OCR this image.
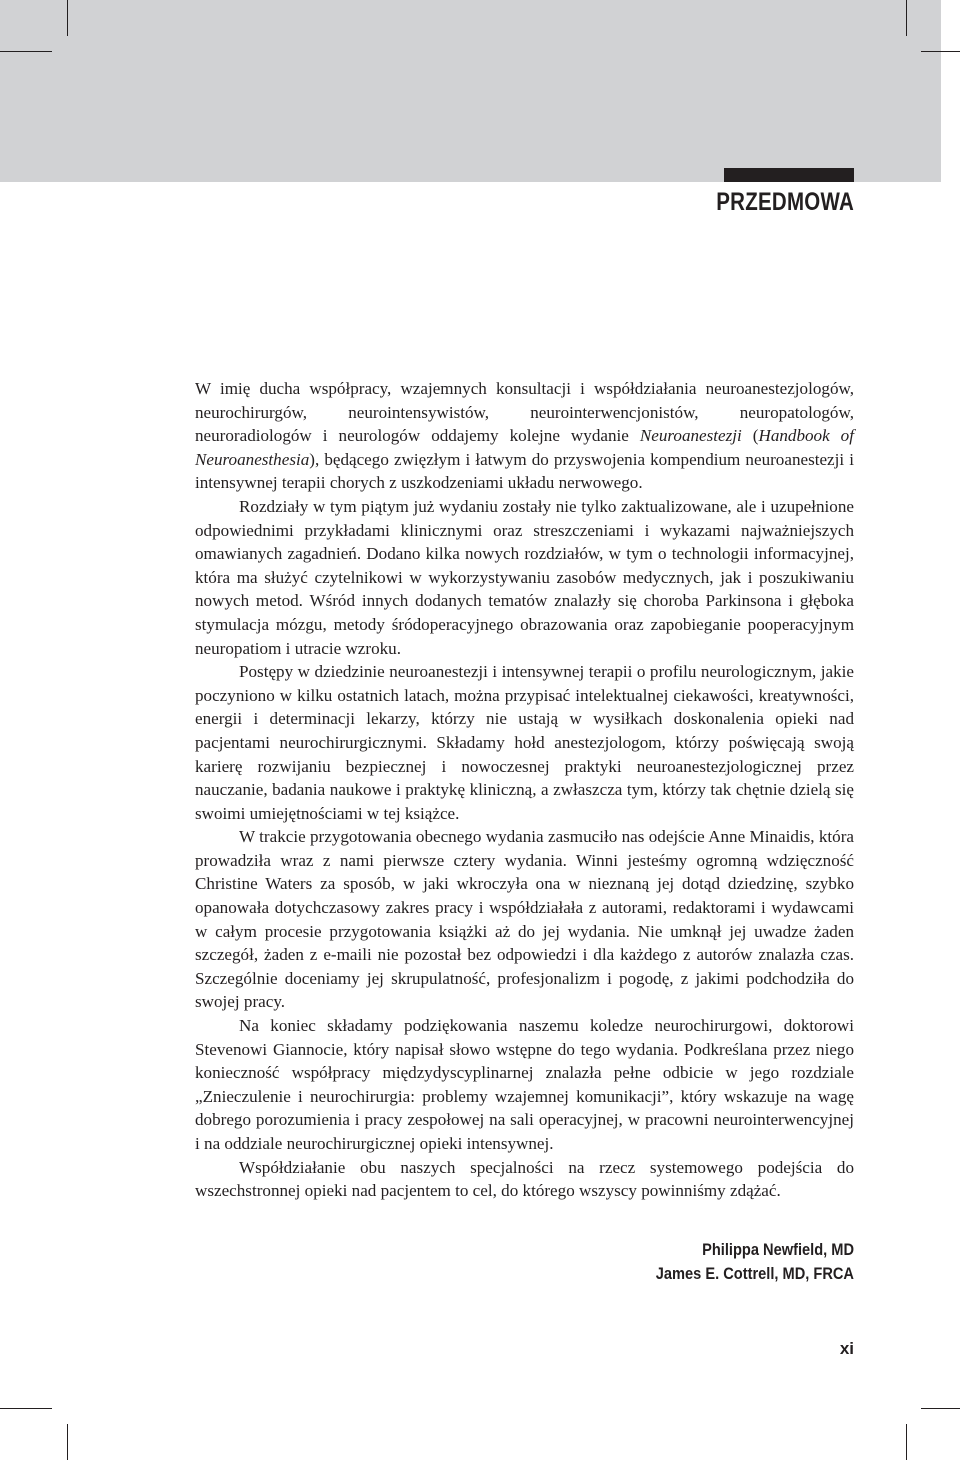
PRZEDMOWA

W imię ducha współpracy, wzajemnych konsultacji i współdziałania neuroanestezjologów, neurochirurgów, neurointensywistów, neurointerwencjonistów, neuropatologów, neuroradiologów i neurologów oddajemy kolejne wydanie Neuroanestezji (Handbook of Neuroanesthesia), będącego zwięzłym i łatwym do przyswojenia kompendium neuroanestezji i intensywnej terapii chorych z uszkodzeniami układu nerwowego.

Rozdziały w tym piątym już wydaniu zostały nie tylko zaktualizowane, ale i uzupełnione odpowiednimi przykładami klinicznymi oraz streszczeniami i wykazami najważniejszych omawianych zagadnień. Dodano kilka nowych rozdziałów, w tym o technologii informacyjnej, która ma służyć czytelnikowi w wykorzystywaniu zasobów medycznych, jak i poszukiwaniu nowych metod. Wśród innych dodanych tematów znalazły się choroba Parkinsona i głęboka stymulacja mózgu, metody śródoperacyjnego obrazowania oraz zapobieganie pooperacyjnym neuropatiom i utracie wzroku.

Postępy w dziedzinie neuroanestezji i intensywnej terapii o profilu neurologicznym, jakie poczyniono w kilku ostatnich latach, można przypisać intelektualnej ciekawości, kreatywności, energii i determinacji lekarzy, którzy nie ustają w wysiłkach doskonalenia opieki nad pacjentami neurochirurgicznymi. Składamy hołd anestezjologom, którzy poświęcają swoją karierę rozwijaniu bezpiecznej i nowoczesnej praktyki neuroanestezjologicznej przez nauczanie, badania naukowe i praktykę kliniczną, a zwłaszcza tym, którzy tak chętnie dzielą się swoimi umiejętnościami w tej książce.

W trakcie przygotowania obecnego wydania zasmuciło nas odejście Anne Minaidis, która prowadziła wraz z nami pierwsze cztery wydania. Winni jesteśmy ogromną wdzięczność Christine Waters za sposób, w jaki wkroczyła ona w nieznaną jej dotąd dziedzinę, szybko opanowała dotychczasowy zakres pracy i współdziałała z autorami, redaktorami i wydawcami w całym procesie przygotowania książki aż do jej wydania. Nie umknął jej uwadze żaden szczegół, żaden z e-maili nie pozostał bez odpowiedzi i dla każdego z autorów znalazła czas. Szczególnie doceniamy jej skrupulatność, profesjonalizm i pogodę, z jakimi podchodziła do swojej pracy.

Na koniec składamy podziękowania naszemu koledze neurochirurgowi, doktorowi Stevenowi Giannocie, który napisał słowo wstępne do tego wydania. Podkreślana przez niego konieczność współpracy międzydyscyplinarnej znalazła pełne odbicie w jego rozdziale „Znieczulenie i neurochirurgia: problemy wzajemnej komunikacji”, który wskazuje na wagę dobrego porozumienia i pracy zespołowej na sali operacyjnej, w pracowni neurointerwencyjnej i na oddziale neurochirurgicznej opieki intensywnej.

Współdziałanie obu naszych specjalności na rzecz systemowego podejścia do wszechstronnej opieki nad pacjentem to cel, do którego wszyscy powinniśmy zdążać.

Philippa Newfield, MD
James E. Cottrell, MD, FRCA
xi
